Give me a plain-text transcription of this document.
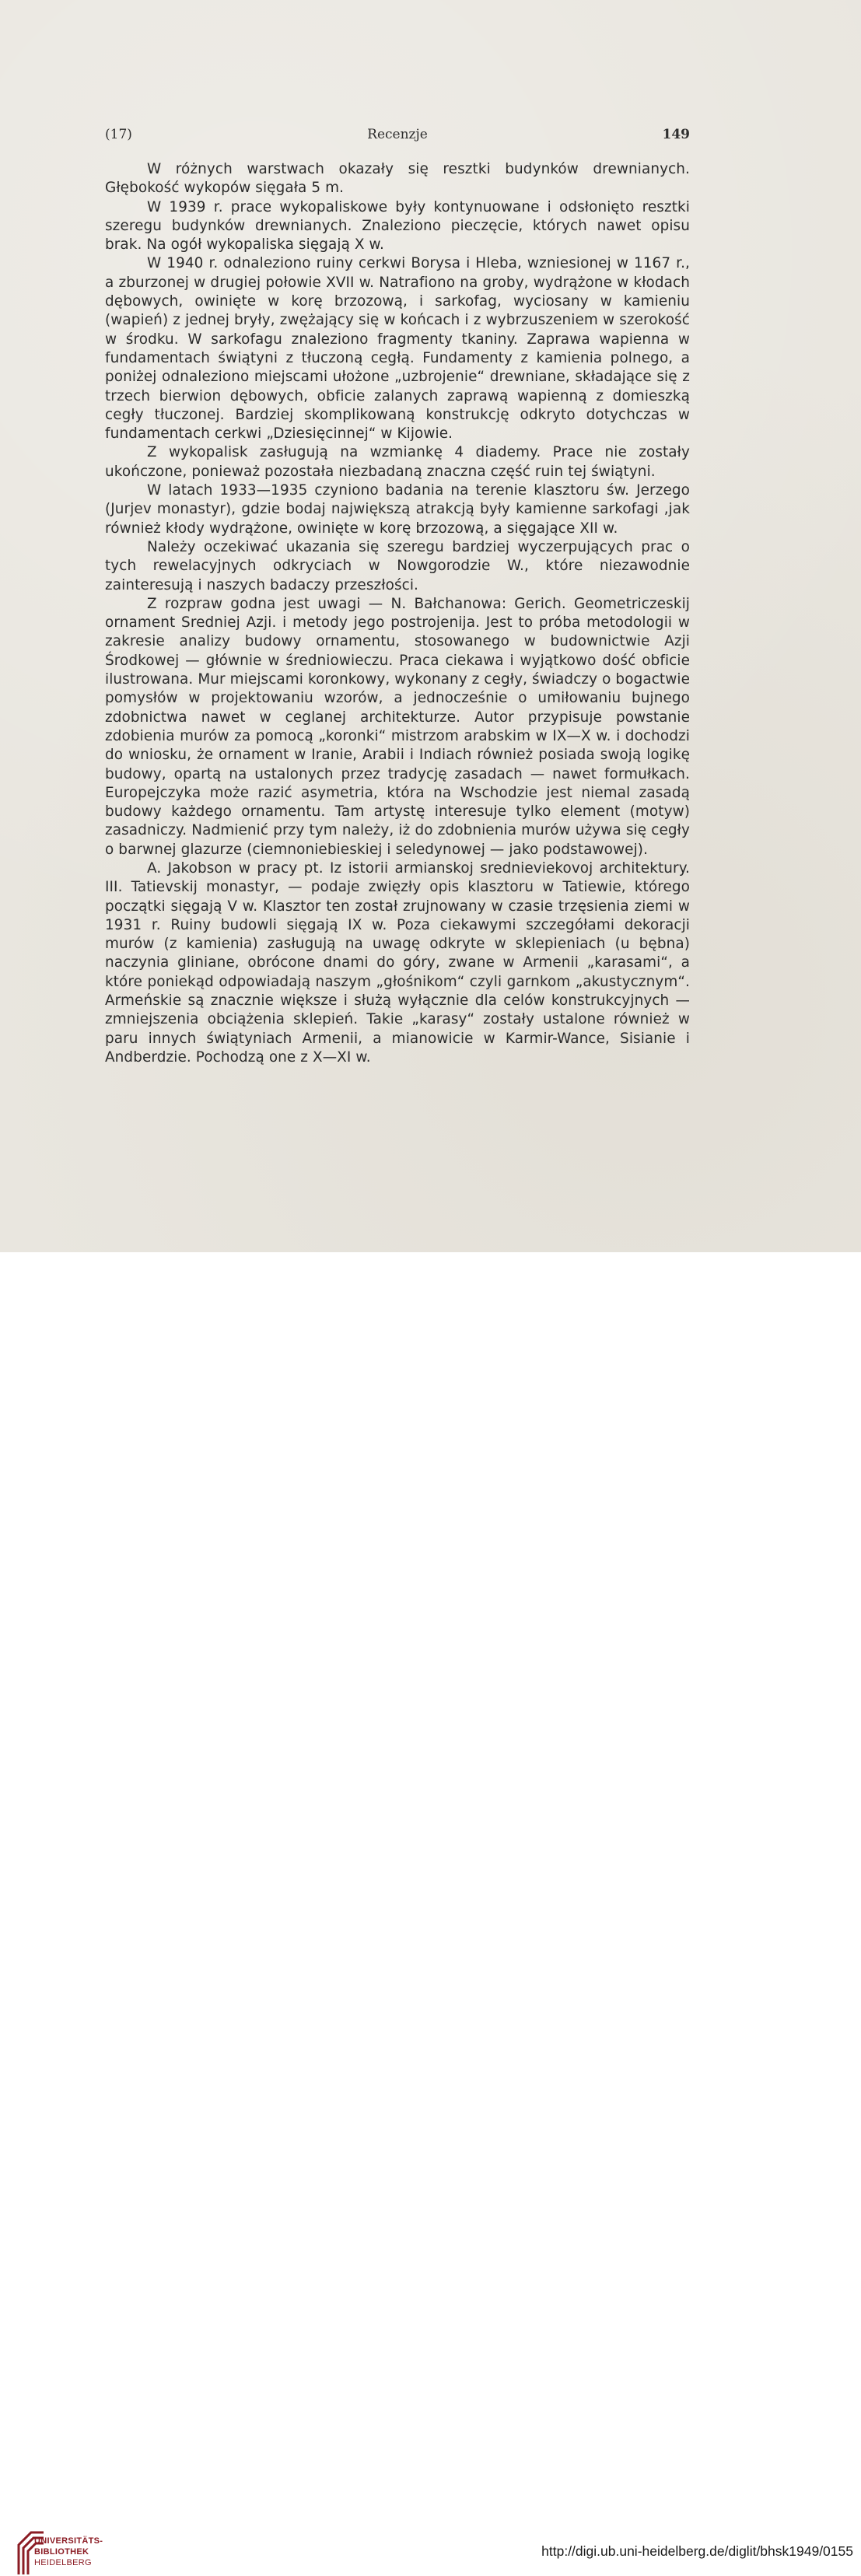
(17)	Recenzje	149

W różnych warstwach okazały się resztki budynków drewnianych. Głębokość wykopów sięgała 5 m.

W 1939 r. prace wykopaliskowe były kontynuowane i odsłonięto resztki szeregu budynków drewnianych. Znaleziono pieczęcie, których nawet opisu brak. Na ogół wykopaliska sięgają X w.

W 1940 r. odnaleziono ruiny cerkwi Borysa i Hleba, wzniesionej w 1167 r., a zburzonej w drugiej połowie XVII w. Natrafiono na groby, wydrążone w kłodach dębowych, owinięte w korę brzozową, i sarkofag, wyciosany w kamieniu (wapień) z jednej bryły, zwężający się w końcach i z wybrzuszeniem w szerokość w środku. W sarkofagu znaleziono fragmenty tkaniny. Zaprawa wapienna w fundamentach świątyni z tłuczoną cegłą. Fundamenty z kamienia polnego, a poniżej odnaleziono miejscami ułożone „uzbrojenie“ drewniane, składające się z trzech bierwion dębowych, obficie zalanych zaprawą wapienną z domieszką cegły tłuczonej. Bardziej skomplikowaną konstrukcję odkryto dotychczas w fundamentach cerkwi „Dziesięcinnej“ w Kijowie.

Z wykopalisk zasługują na wzmiankę 4 diademy. Prace nie zostały ukończone, ponieważ pozostała niezbadaną znaczna część ruin tej świątyni.

W latach 1933—1935 czyniono badania na terenie klasztoru św. Jerzego (Jurjev monastyr), gdzie bodaj największą atrakcją były kamienne sarkofagi ,jak również kłody wydrążone, owinięte w korę brzozową, a sięgające XII w.

Należy oczekiwać ukazania się szeregu bardziej wyczerpujących prac o tych rewelacyjnych odkryciach w Nowgorodzie W., które niezawodnie zainteresują i naszych badaczy przeszłości.

Z rozpraw godna jest uwagi — N. Bałchanowa: Gerich. Geometriczeskij ornament Sredniej Azji. i metody jego postrojenija. Jest to próba metodologii w zakresie analizy budowy ornamentu, stosowanego w budownictwie Azji Środkowej — głównie w średniowieczu. Praca ciekawa i wyjątkowo dość obficie ilustrowana. Mur miejscami koronkowy, wykonany z cegły, świadczy o bogactwie pomysłów w projektowaniu wzorów, a jednocześnie o umiłowaniu bujnego zdobnictwa nawet w ceglanej architekturze. Autor przypisuje powstanie zdobienia murów za pomocą „koronki“ mistrzom arabskim w IX—X w. i dochodzi do wniosku, że ornament w Iranie, Arabii i Indiach również posiada swoją logikę budowy, opartą na ustalonych przez tradycję zasadach — nawet formułkach. Europejczyka może razić asymetria, która na Wschodzie jest niemal zasadą budowy każdego ornamentu. Tam artystę interesuje tylko element (motyw) zasadniczy. Nadmienić przy tym należy, iż do zdobnienia murów używa się cegły o barwnej glazurze (ciemnoniebieskiej i seledynowej — jako podstawowej).

A. Jakobson w pracy pt. Iz istorii armianskoj srednieviekovoj architektury. III. Tatievskij monastyr, — podaje zwięzły opis klasztoru w Tatiewie, którego początki sięgają V w. Klasztor ten został zrujnowany w czasie trzęsienia ziemi w 1931 r. Ruiny budowli sięgają IX w. Poza ciekawymi szczegółami dekoracji murów (z kamienia) zasługują na uwagę odkryte w sklepieniach (u bębna) naczynia gliniane, obrócone dnami do góry, zwane w Armenii „karasami“, a które poniekąd odpowiadają naszym „głośnikom“ czyli garnkom „akustycznym“. Armeńskie są znacznie większe i służą wyłącznie dla celów konstrukcyjnych — zmniejszenia obciążenia sklepień. Takie „karasy“ zostały ustalone również w paru innych świątyniach Armenii, a mianowicie w Karmir-Wance, Sisianie i Andberdzie. Pochodzą one z X—XI w.

UNIVERSITÄTS-
BIBLIOTHEK
HEIDELBERG
http://digi.ub.uni-heidelberg.de/diglit/bhsk1949/0155
